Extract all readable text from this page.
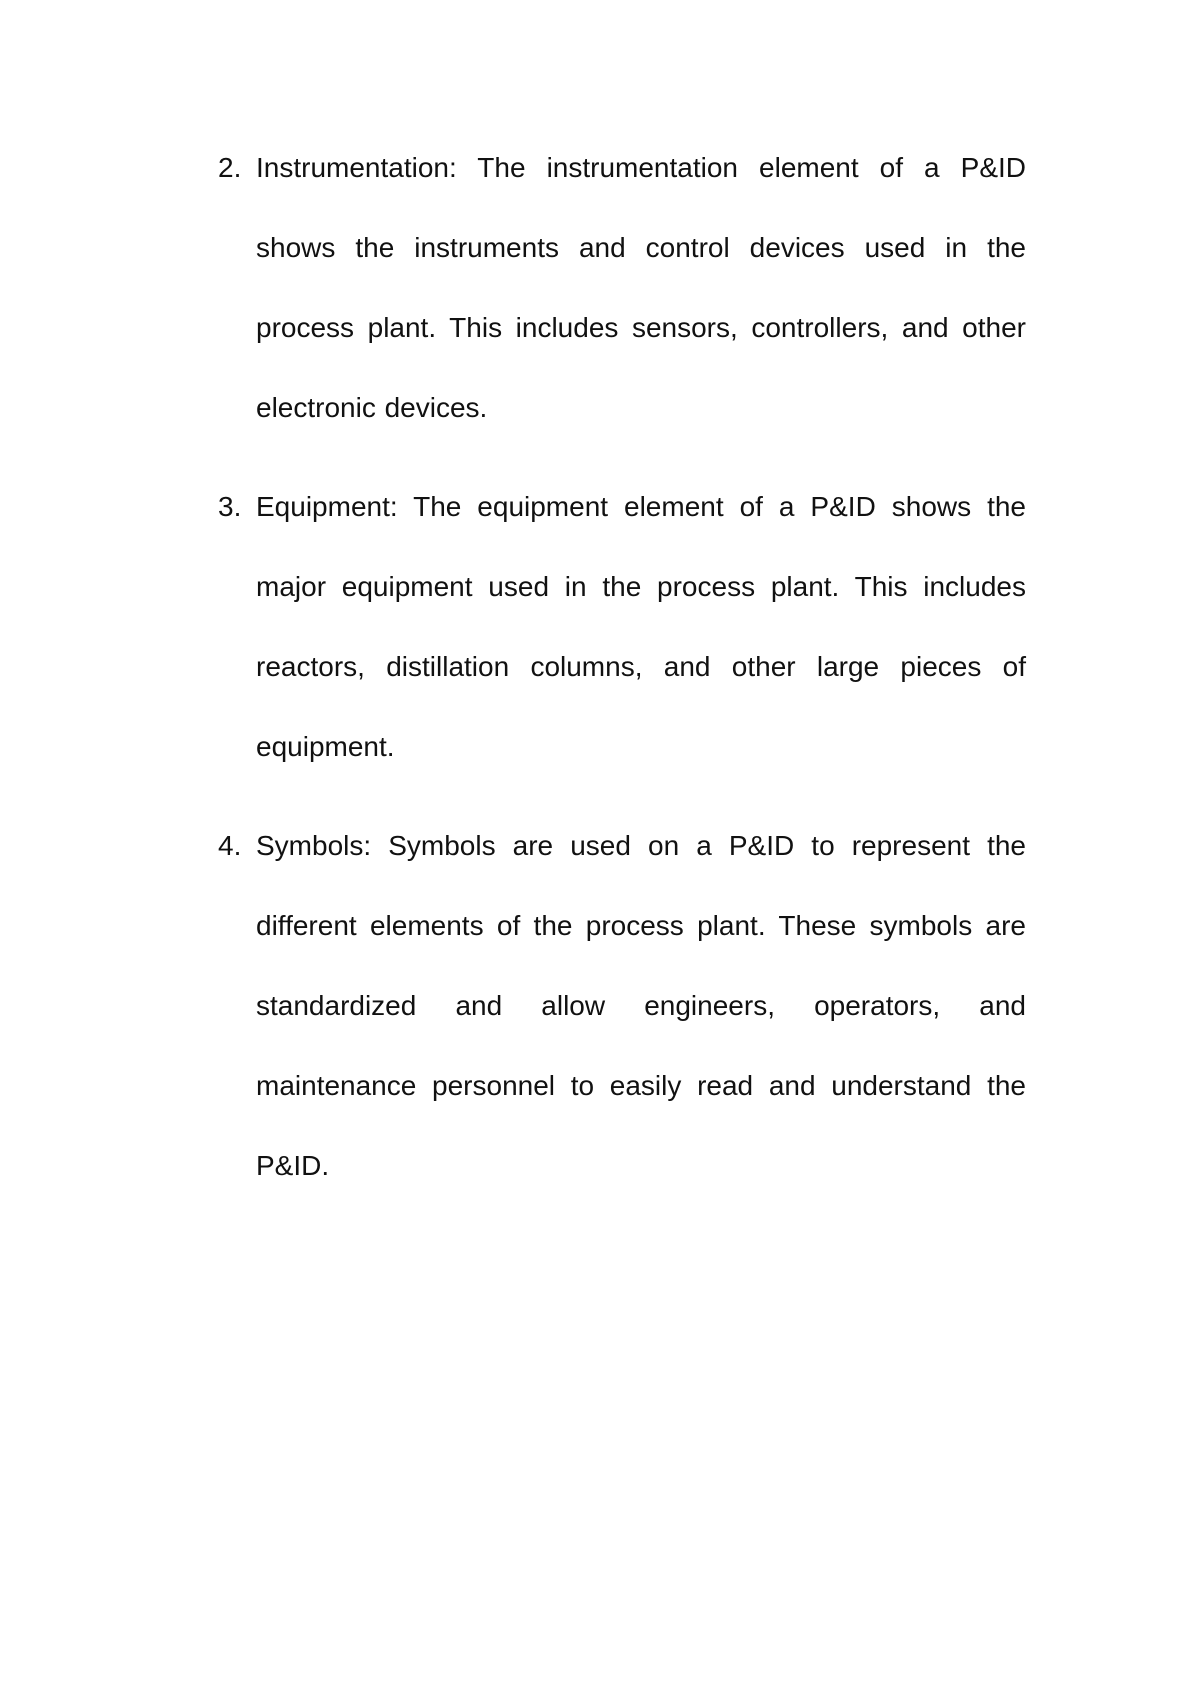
2. Instrumentation: The instrumentation element of a P&ID shows the instruments and control devices used in the process plant. This includes sensors, controllers, and other electronic devices.

3. Equipment: The equipment element of a P&ID shows the major equipment used in the process plant. This includes reactors, distillation columns, and other large pieces of equipment.

4. Symbols: Symbols are used on a P&ID to represent the different elements of the process plant. These symbols are standardized and allow engineers, operators, and maintenance personnel to easily read and understand the P&ID.
